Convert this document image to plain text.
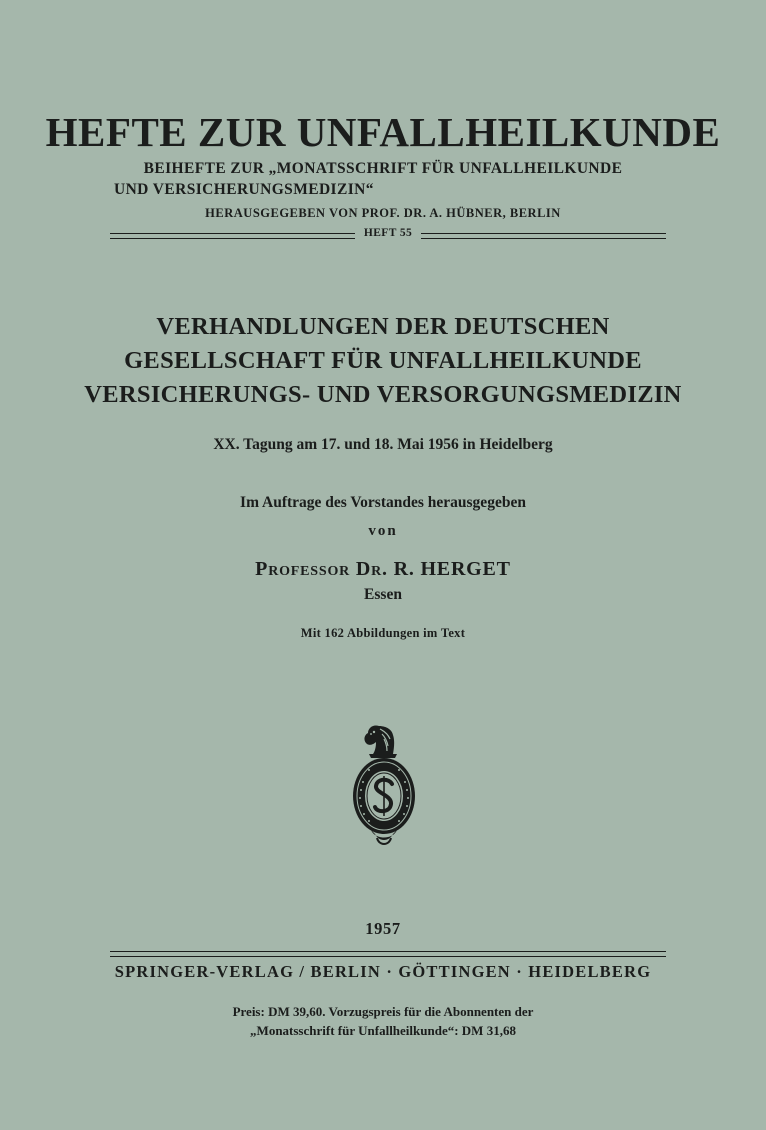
HEFTE ZUR UNFALLHEILKUNDE
BEIHEFTE ZUR „MONATSSCHRIFT FÜR UNFALLHEILKUNDE
UND VERSICHERUNGSMEDIZIN“
HERAUSGEGEBEN VON PROF. DR. A. HÜBNER, BERLIN
HEFT 55
VERHANDLUNGEN DER DEUTSCHEN
GESELLSCHAFT FÜR UNFALLHEILKUNDE
VERSICHERUNGS- UND VERSORGUNGSMEDIZIN
XX. Tagung am 17. und 18. Mai 1956 in Heidelberg
Im Auftrage des Vorstandes herausgegeben
von
Professor Dr. R. HERGET
Essen
Mit 162 Abbildungen im Text
1957
SPRINGER-VERLAG / BERLIN · GÖTTINGEN · HEIDELBERG
Preis: DM 39,60. Vorzugspreis für die Abonnenten der
„Monatsschrift für Unfallheilkunde“: DM 31,68
